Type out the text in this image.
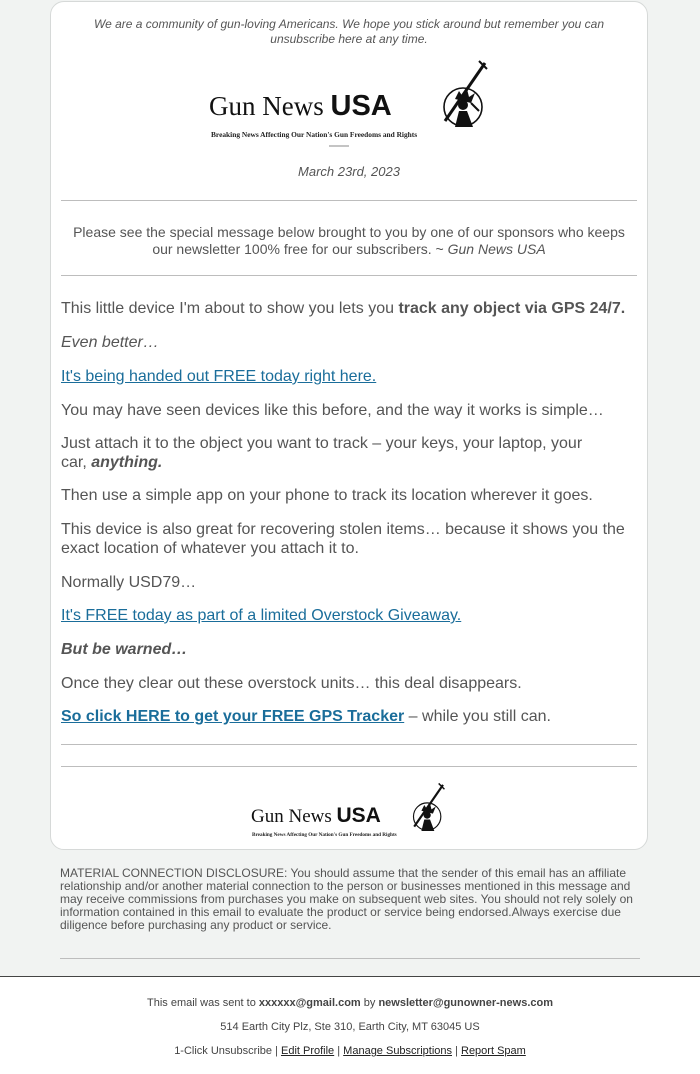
We are a community of gun-loving Americans. We hope you stick around but remember you can unsubscribe here at any time.
Gun News USA
Breaking News Affecting Our Nation's Gun Freedoms and Rights
March 23rd, 2023
Please see the special message below brought to you by one of our sponsors who keeps our newsletter 100% free for our subscribers. ~ Gun News USA
This little device I'm about to show you lets you track any object via GPS 24/7.
Even better…
It's being handed out FREE today right here.
You may have seen devices like this before, and the way it works is simple…
Just attach it to the object you want to track – your keys, your laptop, your car, anything.
Then use a simple app on your phone to track its location wherever it goes.
This device is also great for recovering stolen items… because it shows you the exact location of whatever you attach it to.
Normally USD79…
It's FREE today as part of a limited Overstock Giveaway.
But be warned…
Once they clear out these overstock units… this deal disappears.
So click HERE to get your FREE GPS Tracker – while you still can.
Gun News USA
Breaking News Affecting Our Nation's Gun Freedoms and Rights
MATERIAL CONNECTION DISCLOSURE: You should assume that the sender of this email has an affiliate relationship and/or another material connection to the person or businesses mentioned in this message and may receive commissions from purchases you make on subsequent web sites. You should not rely solely on information contained in this email to evaluate the product or service being endorsed.Always exercise due diligence before purchasing any product or service.
This email was sent to xxxxxx@gmail.com by newsletter@gunowner-news.com
514 Earth City Plz, Ste 310, Earth City, MT 63045 US
1-Click Unsubscribe | Edit Profile | Manage Subscriptions | Report Spam
